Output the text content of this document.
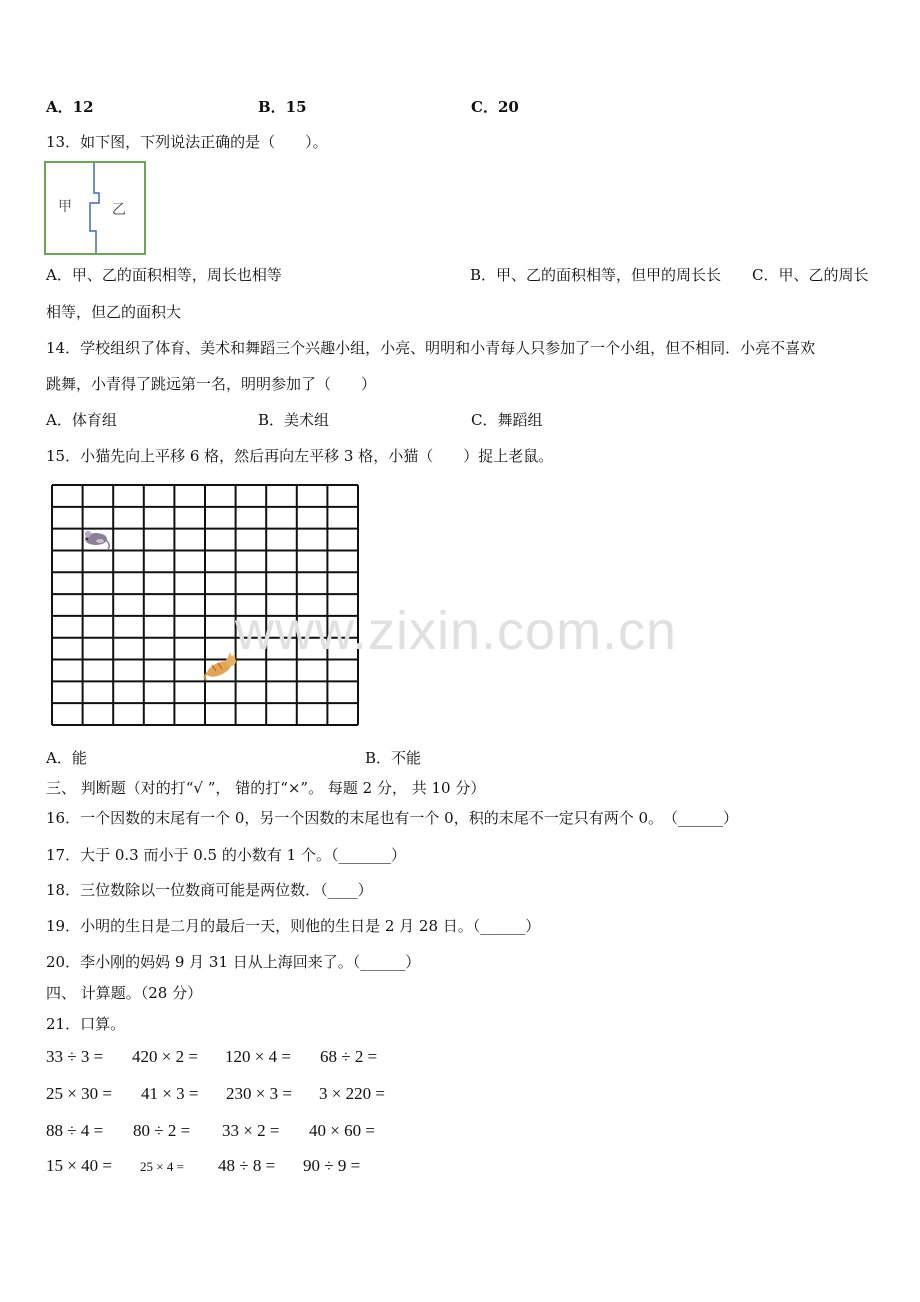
A．12	B．15	C．20
13．如下图，下列说法正确的是（　　）。
甲	乙
A．甲、乙的面积相等，周长也相等	B．甲、乙的面积相等，但甲的周长长 C．甲、乙的周长
相等，但乙的面积大
14．学校组织了体育、美术和舞蹈三个兴趣小组，小亮、明明和小青每人只参加了一个小组，但不相同．小亮不喜欢
跳舞，小青得了跳远第一名，明明参加了（　　）
A．体育组	B．美术组	C．舞蹈组
15．小猫先向上平移 6 格，然后再向左平移 3 格，小猫（　　）捉上老鼠。
A．能	B．不能
www.zixin.com.cn
三、 判断题（对的打“√ ”， 错的打“×”。 每题 2 分， 共 10 分）
16．一个因数的末尾有一个 0，另一个因数的末尾也有一个 0，积的末尾不一定只有两个 0。　（______）
17．大于 0.3 而小于 0.5 的小数有 1 个。（_______）
18．三位数除以一位数商可能是两位数．（____）
19．小明的生日是二月的最后一天，则他的生日是 2 月 28 日。（______）
20．李小刚的妈妈 9 月 31 日从上海回来了。（______）
四、 计算题。（28 分）
21．口算。
33 ÷ 3 = 420 × 2 = 120 × 4 = 68 ÷ 2 =
25 × 30 = 41 × 3 = 230 × 3 = 3 × 220 =
88 ÷ 4 = 80 ÷ 2 = 33 × 2 = 40 × 60 =
15 × 40 = 25 × 4 = 48 ÷ 8 = 90 ÷ 9 =
